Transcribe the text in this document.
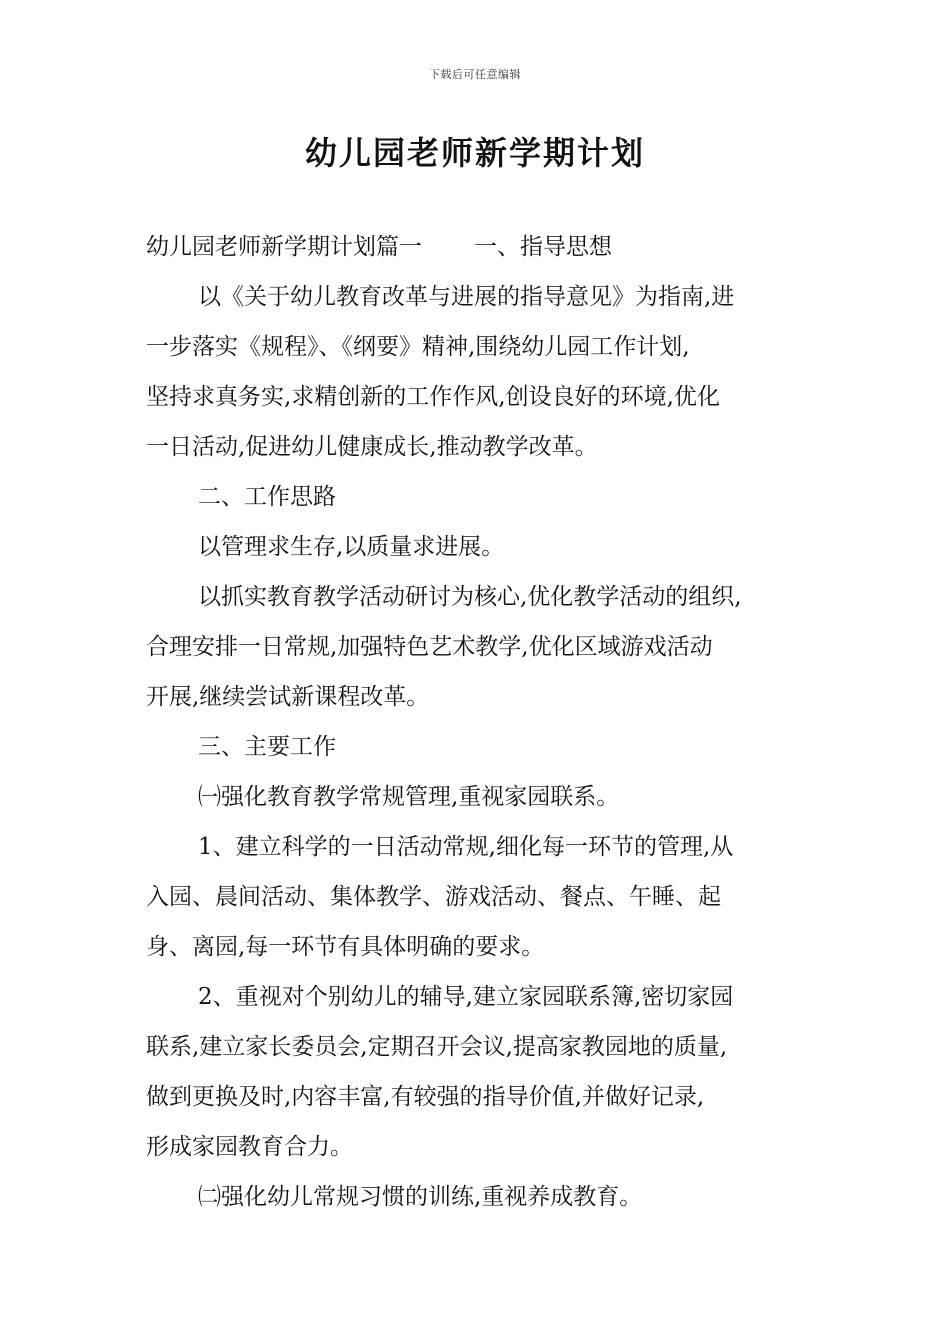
下载后可任意编辑
幼儿园老师新学期计划
幼儿园老师新学期计划篇一 一、指导思想
以《关于幼儿教育改革与进展的指导意见》为指南,进
一步落实《规程》、《纲要》精神,围绕幼儿园工作计划,
坚持求真务实,求精创新的工作作风,创设良好的环境,优化
一日活动,促进幼儿健康成长,推动教学改革。
二、工作思路
以管理求生存,以质量求进展。
以抓实教育教学活动研讨为核心,优化教学活动的组织,
合理安排一日常规,加强特色艺术教学,优化区域游戏活动
开展,继续尝试新课程改革。
三、主要工作
㈠强化教育教学常规管理,重视家园联系。
1、建立科学的一日活动常规,细化每一环节的管理,从
入园、晨间活动、集体教学、游戏活动、餐点、午睡、起
身、离园,每一环节有具体明确的要求。
2、重视对个别幼儿的辅导,建立家园联系簿,密切家园
联系,建立家长委员会,定期召开会议,提高家教园地的质量,
做到更换及时,内容丰富,有较强的指导价值,并做好记录,
形成家园教育合力。
㈡强化幼儿常规习惯的训练,重视养成教育。
